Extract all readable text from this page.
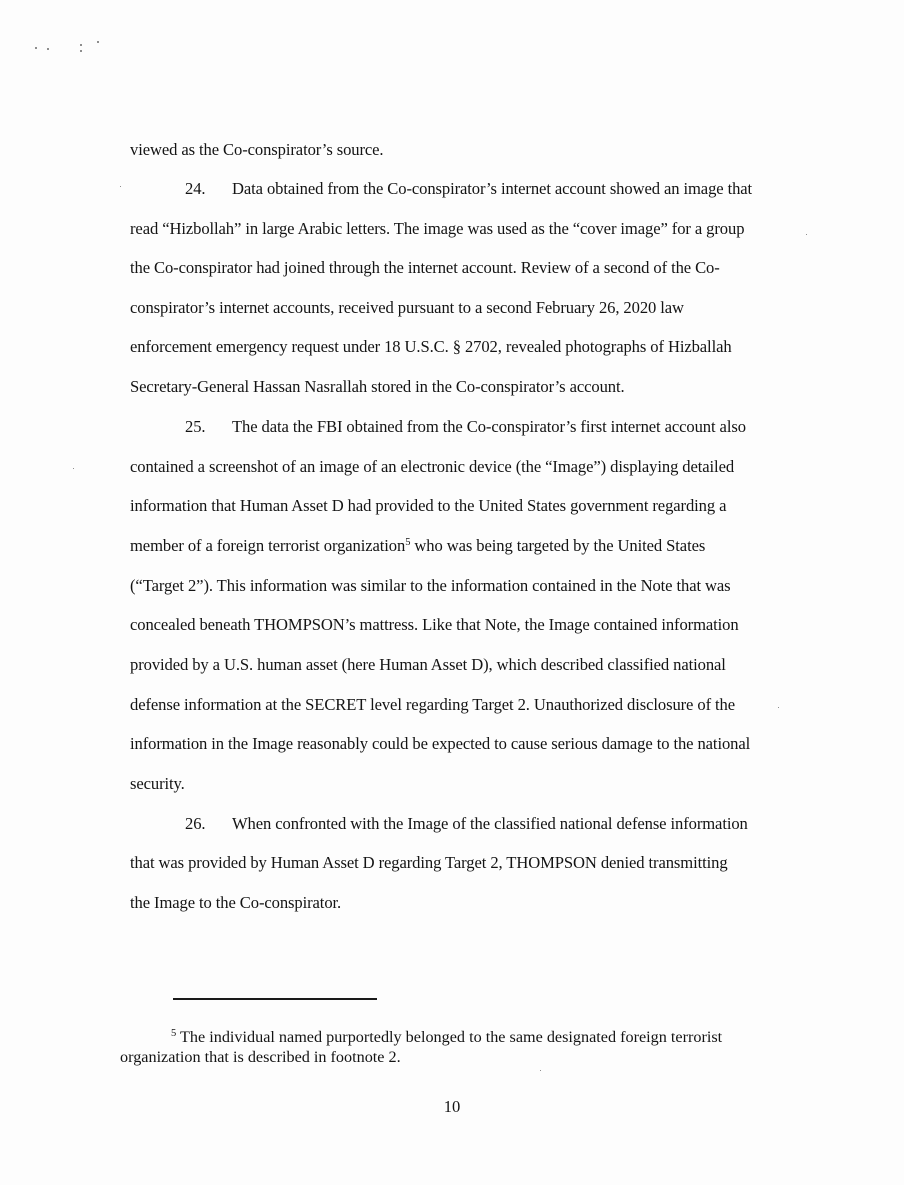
viewed as the Co-conspirator’s source.
24. Data obtained from the Co-conspirator’s internet account showed an image that
read “Hizbollah” in large Arabic letters. The image was used as the “cover image” for a group
the Co-conspirator had joined through the internet account. Review of a second of the Co-
conspirator’s internet accounts, received pursuant to a second February 26, 2020 law
enforcement emergency request under 18 U.S.C. § 2702, revealed photographs of Hizballah
Secretary-General Hassan Nasrallah stored in the Co-conspirator’s account.
25. The data the FBI obtained from the Co-conspirator’s first internet account also
contained a screenshot of an image of an electronic device (the “Image”) displaying detailed
information that Human Asset D had provided to the United States government regarding a
member of a foreign terrorist organization$^5$ who was being targeted by the United States
(“Target 2”). This information was similar to the information contained in the Note that was
concealed beneath THOMPSON’s mattress. Like that Note, the Image contained information
provided by a U.S. human asset (here Human Asset D), which described classified national
defense information at the SECRET level regarding Target 2. Unauthorized disclosure of the
information in the Image reasonably could be expected to cause serious damage to the national
security.
26. When confronted with the Image of the classified national defense information
that was provided by Human Asset D regarding Target 2, THOMPSON denied transmitting
the Image to the Co-conspirator.
$^5$ The individual named purportedly belonged to the same designated foreign terrorist
organization that is described in footnote 2.
10
